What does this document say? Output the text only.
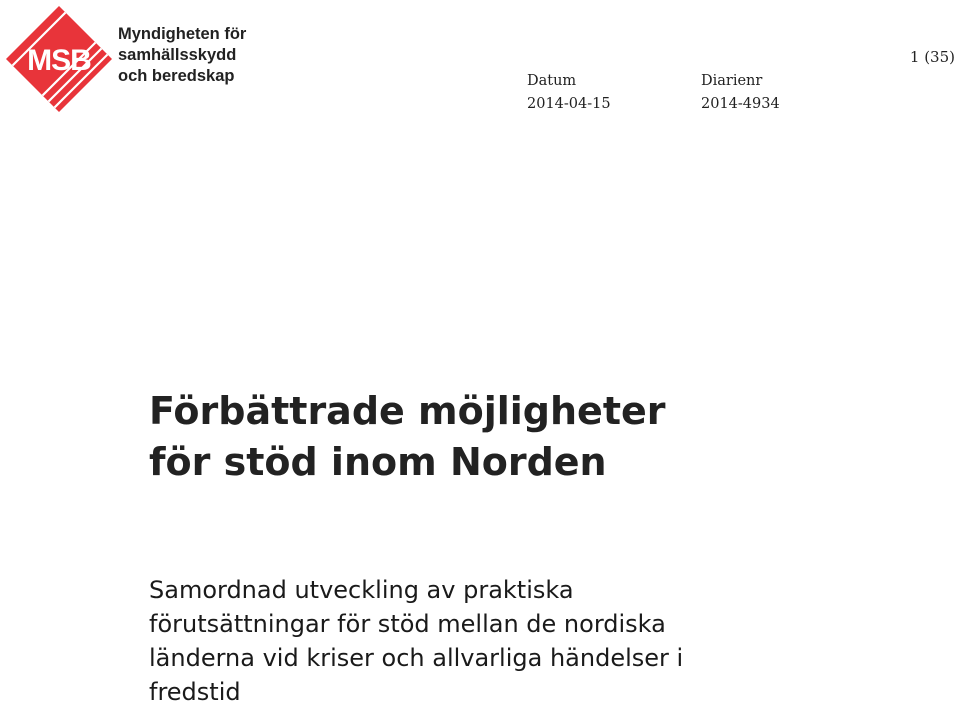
MSB
Myndigheten för
samhällsskydd
och beredskap
1 (35)
Datum
2014-04-15
Diarienr
2014-4934
Förbättrade möjligheter
för stöd inom Norden
Samordnad utveckling av praktiska
förutsättningar för stöd mellan de nordiska
länderna vid kriser och allvarliga händelser i
fredstid
